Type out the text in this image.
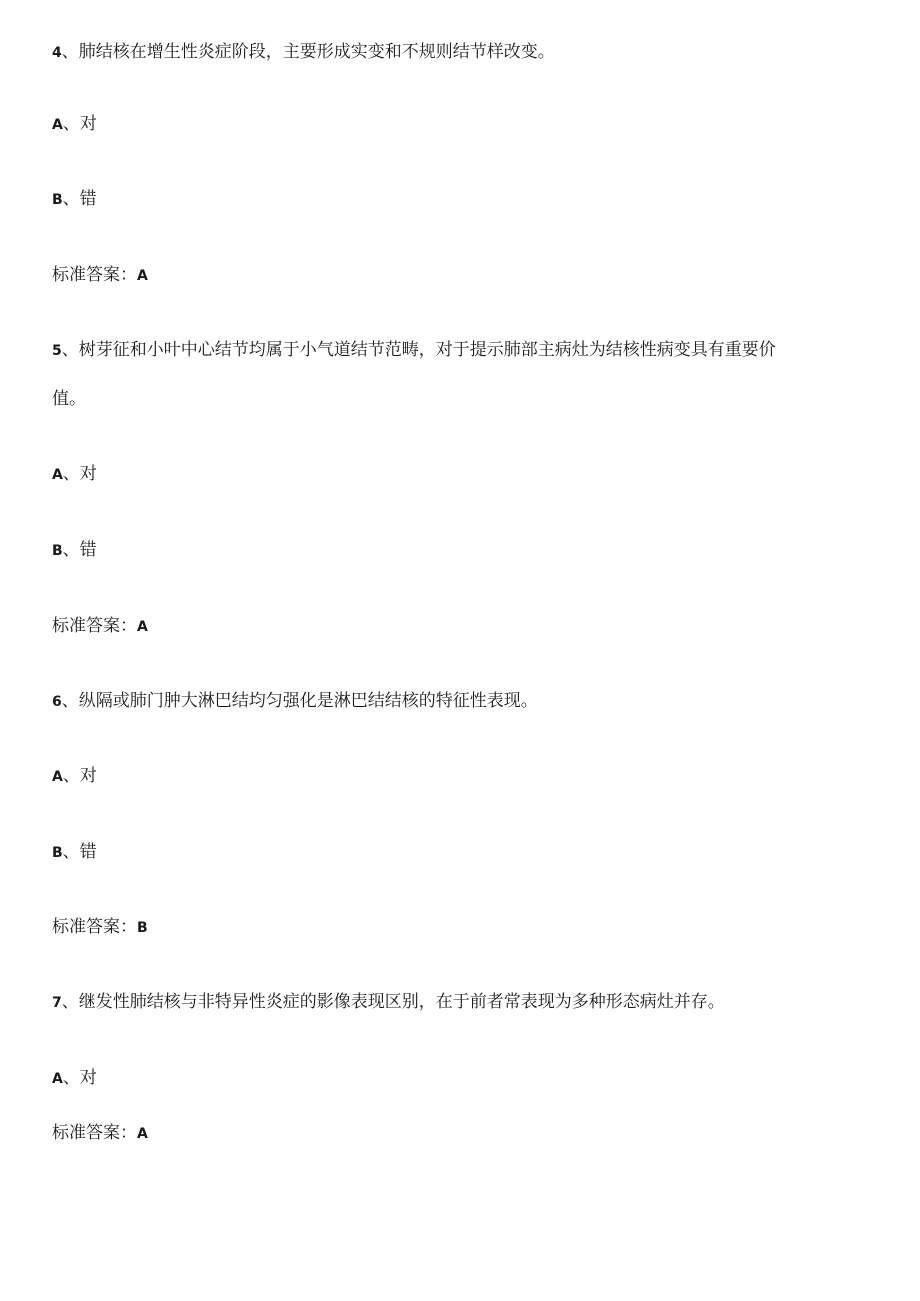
4、肺结核在增生性炎症阶段，主要形成实变和不规则结节样改变。
A、对
B、错
标准答案：A
5、树芽征和小叶中心结节均属于小气道结节范畴，对于提示肺部主病灶为结核性病变具有重要价
值。
A、对
B、错
标准答案：A
6、纵隔或肺门肿大淋巴结均匀强化是淋巴结结核的特征性表现。
A、对
B、错
标准答案：B
7、继发性肺结核与非特异性炎症的影像表现区别，在于前者常表现为多种形态病灶并存。
A、对
标准答案：A
